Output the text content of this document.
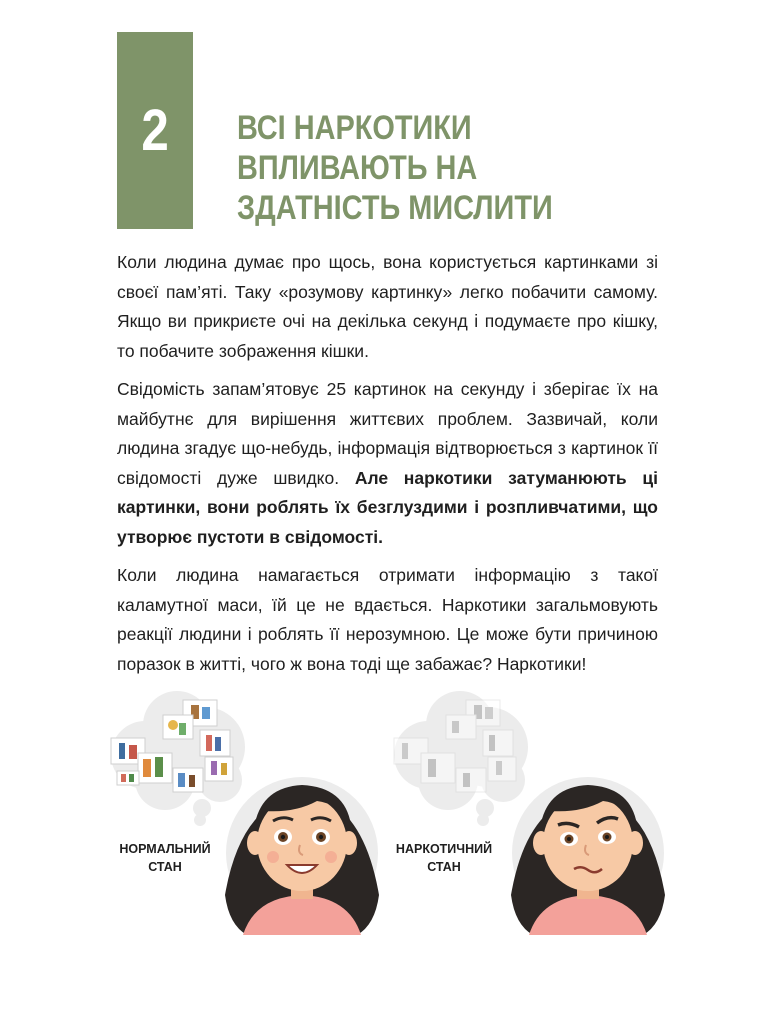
2 ВСІ НАРКОТИКИ
ВПЛИВАЮТЬ НА
ЗДАТНІСТЬ МИСЛИТИ

Коли людина думає про щось, вона користується картинками зі своєї пам’яті. Таку «розумову картинку» легко побачити самому. Якщо ви прикриєте очі на декілька секунд і подумаєте про кішку, то побачите зображення кішки.

Свідомість запам’ятовує 25 картинок на секунду і зберігає їх на майбутнє для вирішення життєвих проблем. Зазвичай, коли людина згадує що-небудь, інформація відтворюється з картинок її свідомості дуже швидко. Але наркотики затуманюють ці картинки, вони роблять їх безглуздими і розпливчатими, що утворює пустоти в свідомості.

Коли людина намагається отримати інформацію з такої каламутної маси, їй це не вдається. Наркотики загальмовують реакції людини і роблять її нерозумною. Це може бути причиною поразок в житті, чого ж вона тоді ще забажає? Наркотики!

НОРМАЛЬНИЙ
СТАН
НАРКОТИЧНИЙ
СТАН
